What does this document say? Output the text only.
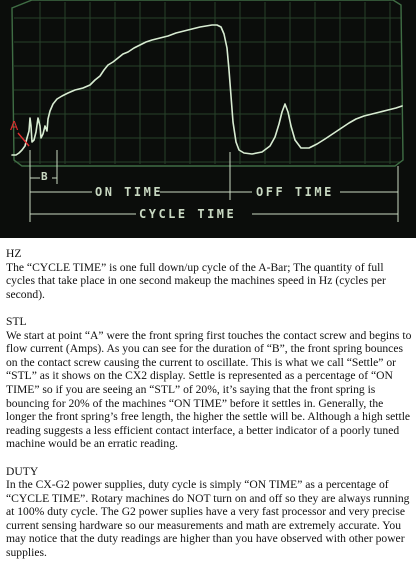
A
B
ON TIME	OFF TIME
CYCLE TIME

HZ

The “CYCLE TIME” is one full down/up cycle of the A-Bar; The quantity of full cycles that take place in one second makeup the machines speed in Hz (cycles per second).

STL

We start at point “A” were the front spring first touches the contact screw and begins to flow current (Amps). As you can see for the duration of “B”, the front spring bounces on the contact screw causing the current to oscillate. This is what we call “Settle” or “STL” as it shows on the CX2 display. Settle is represented as a percentage of “ON TIME” so if you are seeing an “STL” of 20%, it’s saying that the front spring is bouncing for 20% of the machines “ON TIME” before it settles in. Generally, the longer the front spring’s free length, the higher the settle will be. Although a high settle reading suggests a less efficient contact interface, a better indicator of a poorly tuned machine would be an erratic reading.

DUTY

In the CX-G2 power supplies, duty cycle is simply “ON TIME” as a percentage of “CYCLE TIME”. Rotary machines do NOT turn on and off so they are always running at 100% duty cycle. The G2 power suplies have a very fast processor and very precise current sensing hardware so our measurements and math are extremely accurate. You may notice that the duty readings are higher than you have observed with other power supplies.
